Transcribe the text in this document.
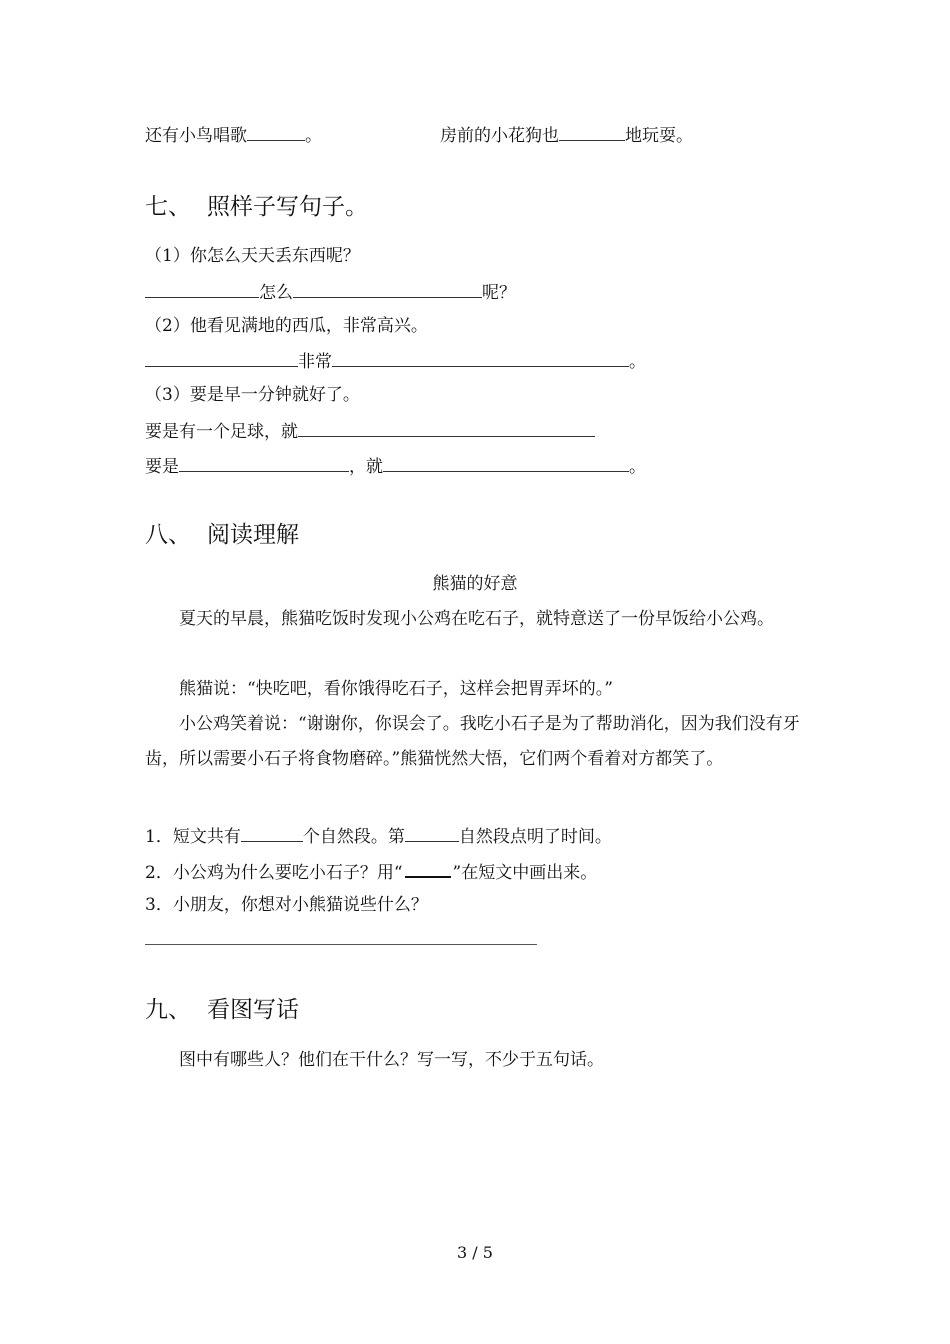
还有小鸟唱歌	。	房前的小花狗也	地玩耍。
七、 照样子写句子。
（1）你怎么天天丢东西呢？
怎么	呢？
（2）他看见满地的西瓜，非常高兴。
非常	。
（3）要是早一分钟就好了。
要是有一个足球，就
要是	，就	。
八、 阅读理解
熊猫的好意
夏天的早晨，熊猫吃饭时发现小公鸡在吃石子，就特意送了一份早饭给小公鸡。
熊猫说：“快吃吧，看你饿得吃石子，这样会把胃弄坏的。”
小公鸡笑着说：“谢谢你，你误会了。我吃小石子是为了帮助消化，因为我们没有牙齿，所以需要小石子将食物磨碎。”熊猫恍然大悟，它们两个看着对方都笑了。
1．短文共有	个自然段。第	自然段点明了时间。
2．小公鸡为什么要吃小石子？用“	”在短文中画出来。
3．小朋友，你想对小熊猫说些什么？
九、 看图写话
图中有哪些人？他们在干什么？写一写，不少于五句话。
3 / 5
